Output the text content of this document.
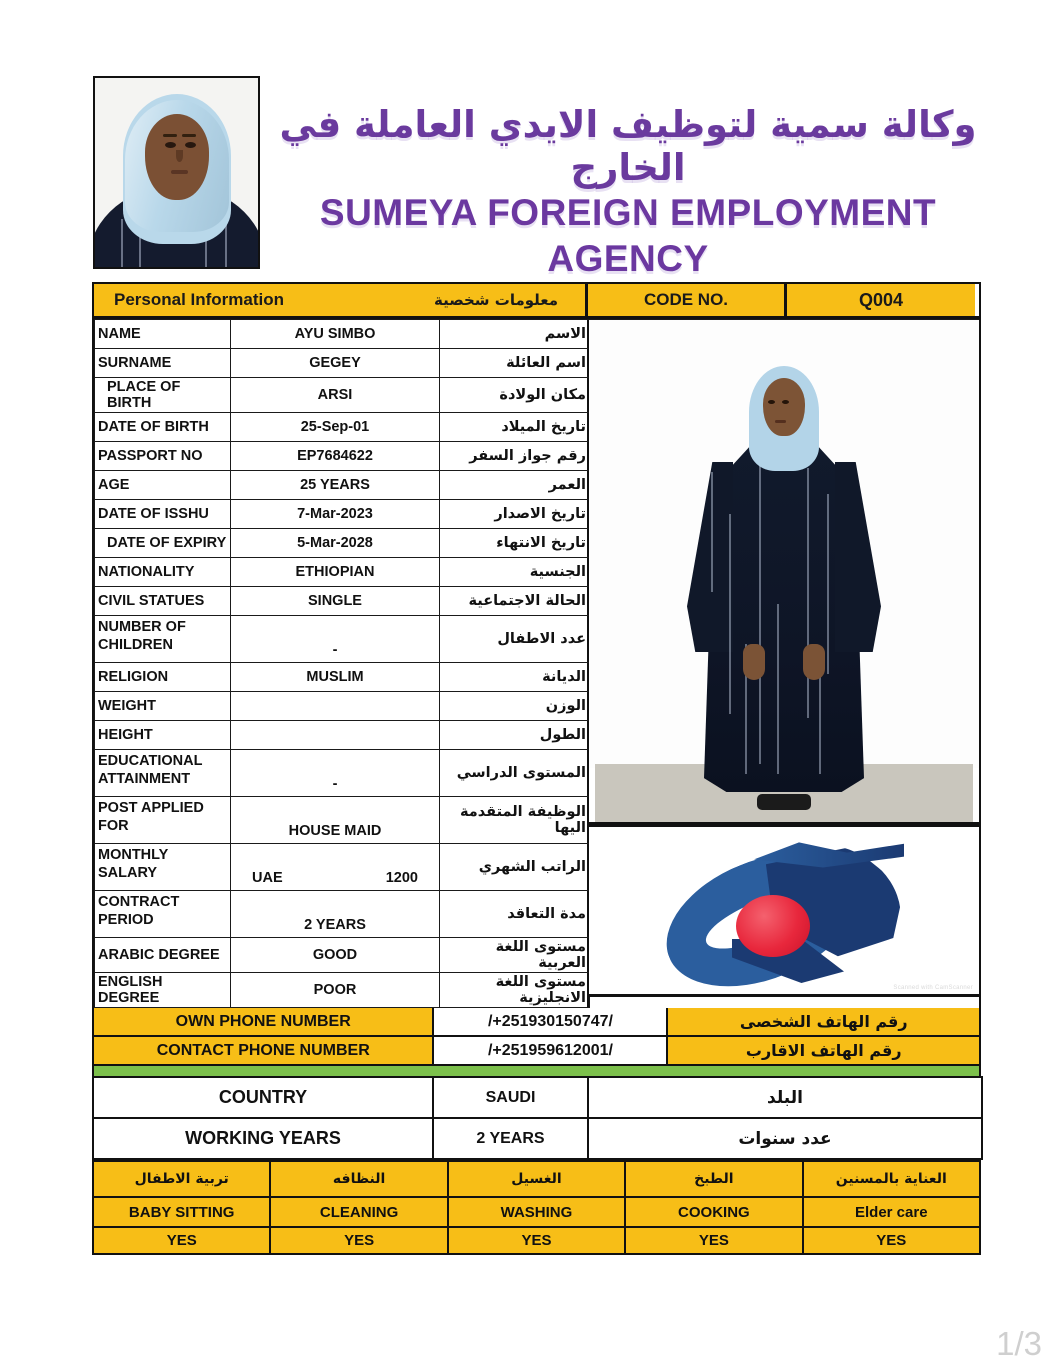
وكالة سمية لتوظيف الايدي العاملة في الخارج
SUMEYA FOREIGN EMPLOYMENT
AGENCY
Personal Information	معلومات شخصية	CODE NO.	Q004
NAME	AYU SIMBO	الاسم
SURNAME	GEGEY	اسم العائلة
PLACE OF BIRTH	ARSI	مكان الولادة
DATE OF BIRTH	25-Sep-01	تاريخ الميلاد
PASSPORT NO	EP7684622	رقم جواز السفر
AGE	25 YEARS	العمر
DATE OF ISSHU	7-Mar-2023	تاريخ الاصدار
DATE OF EXPIRY	5-Mar-2028	تاريخ الانتهاء
NATIONALITY	ETHIOPIAN	الجنسية
CIVIL STATUES	SINGLE	الحالة الاجتماعية
NUMBER OF
CHILDREN	-	عدد الاطفال
RELIGION	MUSLIM	الديانة
WEIGHT		الوزن
HEIGHT		الطول
EDUCATIONAL
ATTAINMENT	-	المستوى الدراسي
POST APPLIED
FOR	HOUSE MAID	الوظيفة المتقدمة اليها
MONTHLY
SALARY	UAE 1200	الراتب الشهري
CONTRACT
PERIOD	2 YEARS	مدة التعاقد
ARABIC DEGREE	GOOD	مستوى اللغة العربية
ENGLISH DEGREE	POOR	مستوى اللغة الانجليزية
Scanned with CamScanner
OWN PHONE NUMBER	/+251930150747/	رقم الهاتف الشخصى
CONTACT PHONE NUMBER	/+251959612001/	رقم الهاتف الاقارب
COUNTRY	SAUDI	البلد
WORKING YEARS	2 YEARS	عدد سنوات
تربية الاطفال	النظافه	الغسيل	الطبخ	العناية بالمسنين
BABY SITTING	CLEANING	WASHING	COOKING	Elder care
YES	YES	YES	YES	YES
1/3
